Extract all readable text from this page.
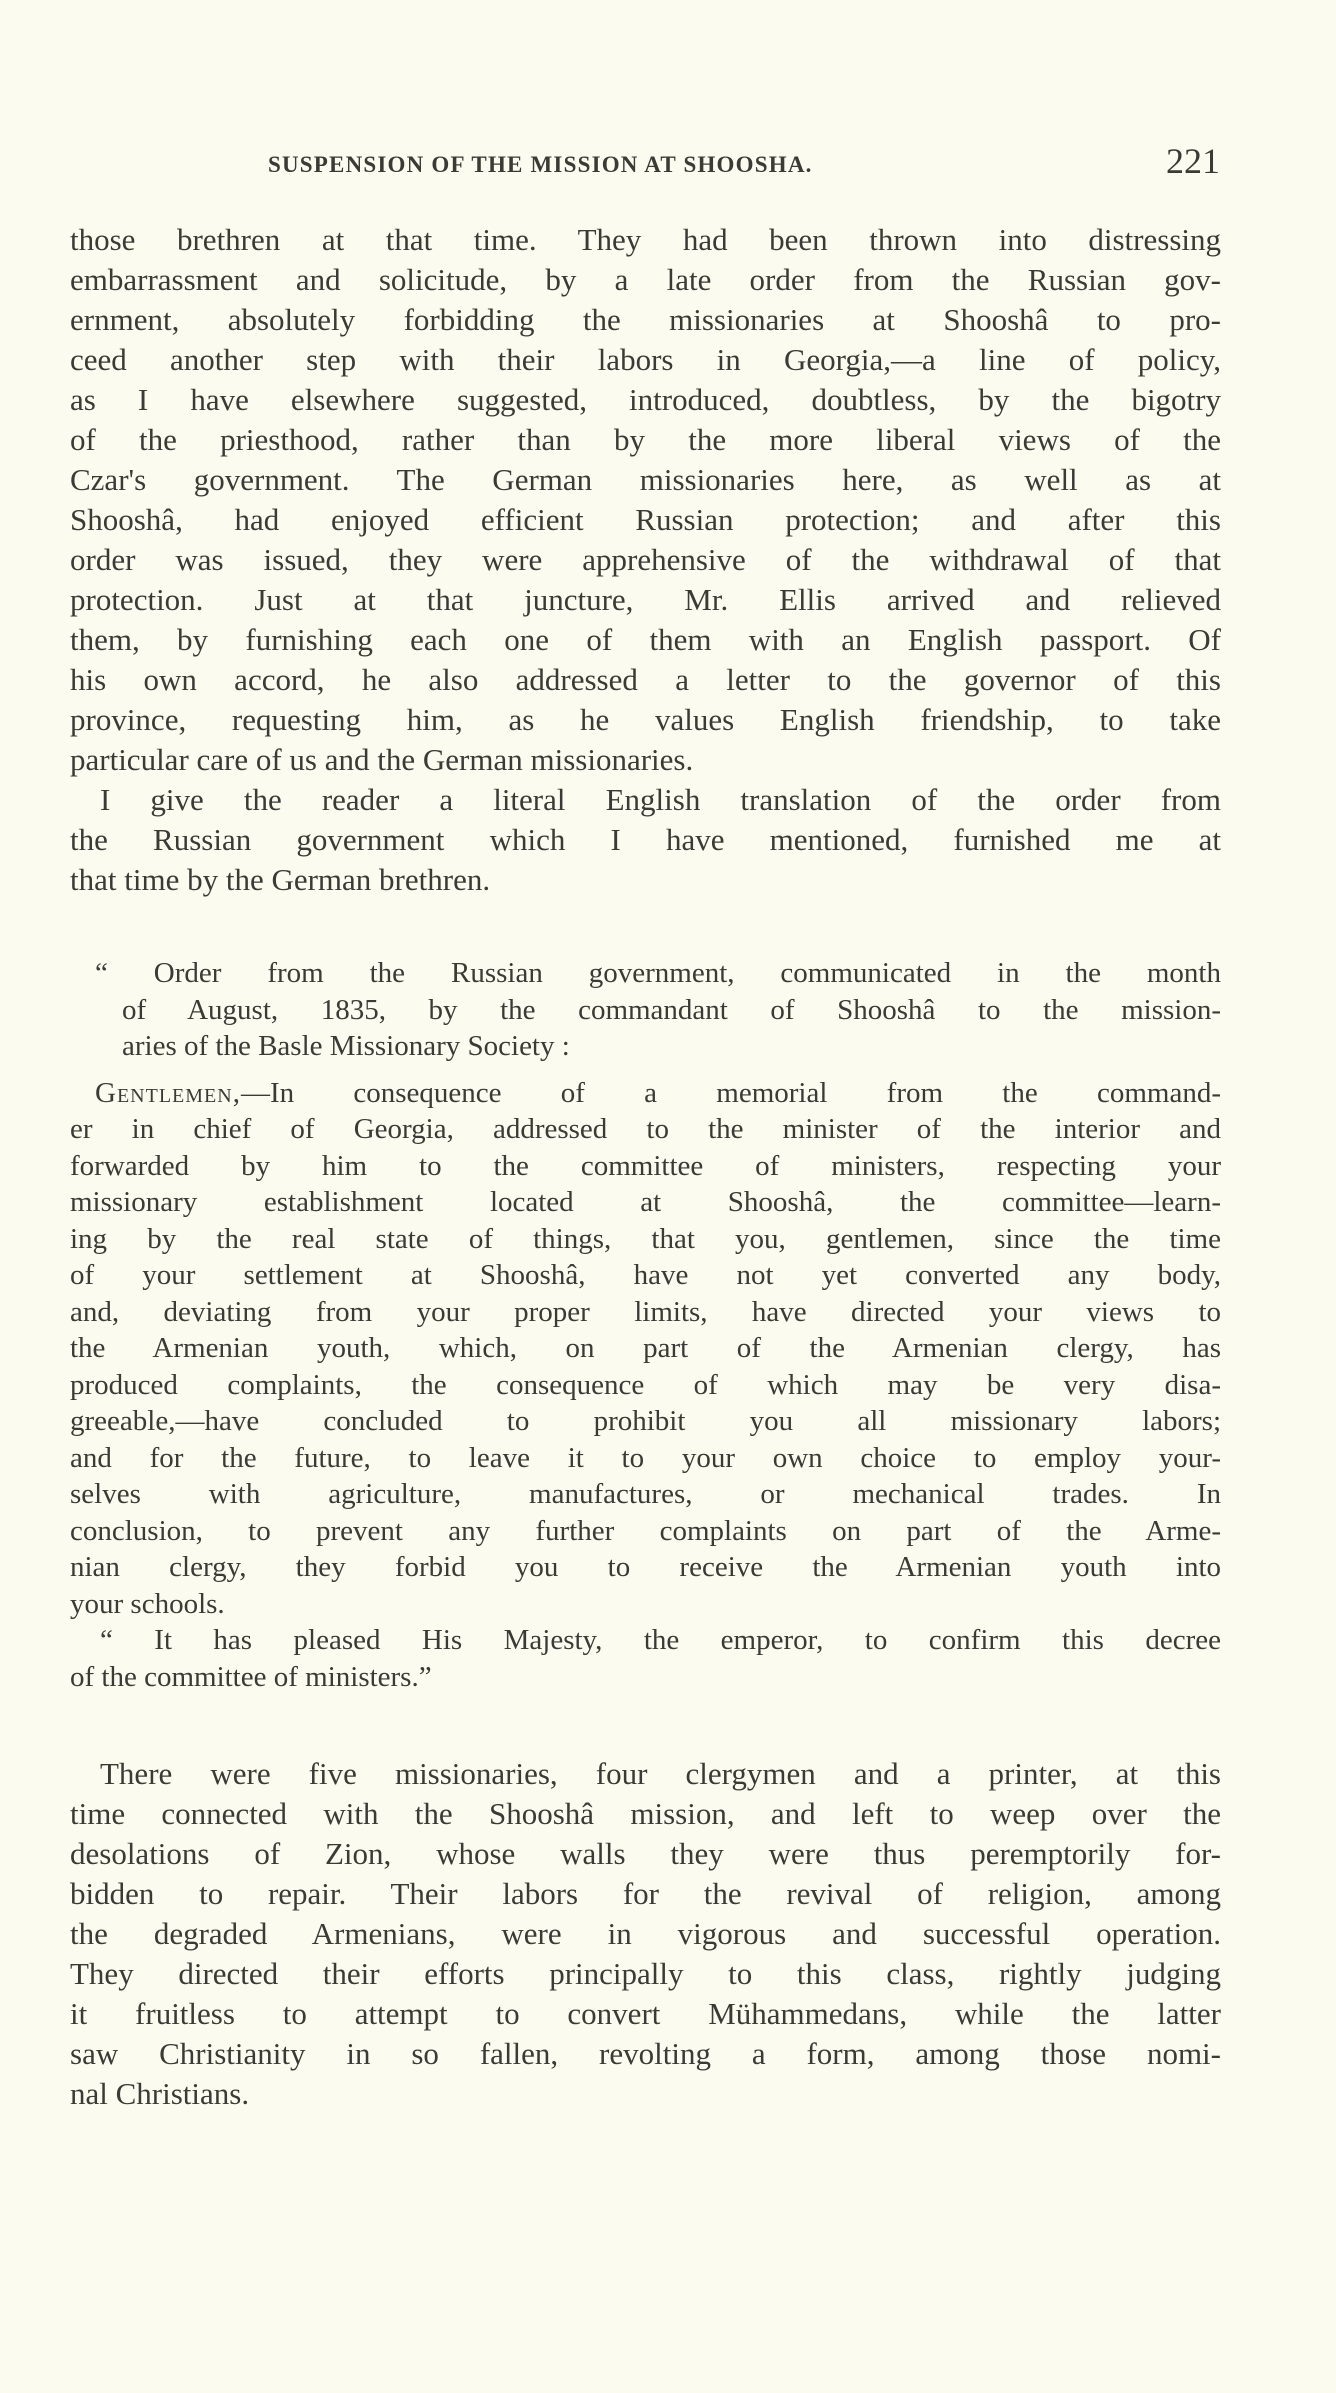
SUSPENSION OF THE MISSION AT SHOOSHA.	221
those brethren at that time. They had been thrown into distressing
embarrassment and solicitude, by a late order from the Russian gov-
ernment, absolutely forbidding the missionaries at Shooshâ to pro-
ceed another step with their labors in Georgia,—a line of policy,
as I have elsewhere suggested, introduced, doubtless, by the bigotry
of the priesthood, rather than by the more liberal views of the
Czar's government. The German missionaries here, as well as at
Shooshâ, had enjoyed efficient Russian protection; and after this
order was issued, they were apprehensive of the withdrawal of that
protection. Just at that juncture, Mr. Ellis arrived and relieved
them, by furnishing each one of them with an English passport. Of
his own accord, he also addressed a letter to the governor of this
province, requesting him, as he values English friendship, to take
particular care of us and the German missionaries.
I give the reader a literal English translation of the order from
the Russian government which I have mentioned, furnished me at
that time by the German brethren.
“ Order from the Russian government, communicated in the month
of August, 1835, by the commandant of Shooshâ to the mission-
aries of the Basle Missionary Society :
Gentlemen,—In consequence of a memorial from the command-
er in chief of Georgia, addressed to the minister of the interior and
forwarded by him to the committee of ministers, respecting your
missionary establishment located at Shooshâ, the committee—learn-
ing by the real state of things, that you, gentlemen, since the time
of your settlement at Shooshâ, have not yet converted any body,
and, deviating from your proper limits, have directed your views to
the Armenian youth, which, on part of the Armenian clergy, has
produced complaints, the consequence of which may be very disa-
greeable,—have concluded to prohibit you all missionary labors;
and for the future, to leave it to your own choice to employ your-
selves with agriculture, manufactures, or mechanical trades. In
conclusion, to prevent any further complaints on part of the Arme-
nian clergy, they forbid you to receive the Armenian youth into
your schools.
“ It has pleased His Majesty, the emperor, to confirm this decree
of the committee of ministers.”
There were five missionaries, four clergymen and a printer, at this
time connected with the Shooshâ mission, and left to weep over the
desolations of Zion, whose walls they were thus peremptorily for-
bidden to repair. Their labors for the revival of religion, among
the degraded Armenians, were in vigorous and successful operation.
They directed their efforts principally to this class, rightly judging
it fruitless to attempt to convert Mühammedans, while the latter
saw Christianity in so fallen, revolting a form, among those nomi-
nal Christians.
